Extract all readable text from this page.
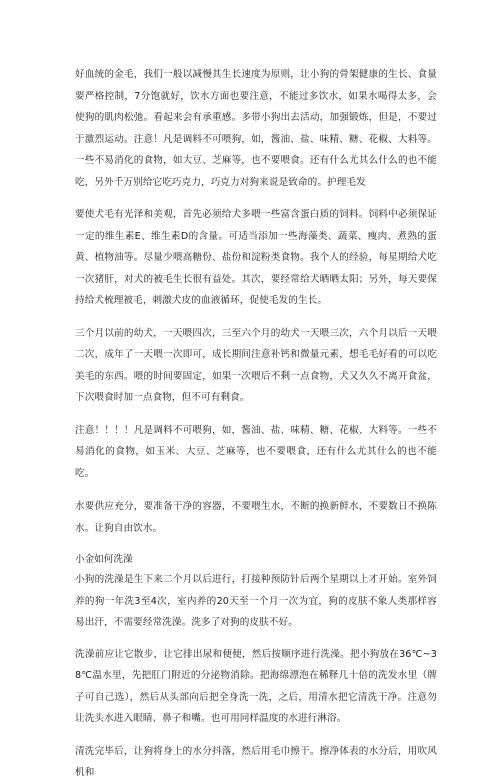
好血统的金毛，我们一般以减慢其生长速度为原则，让小狗的骨架健康的生长、食量要严格控制，7分饱就好，饮水方面也要注意，不能过多饮水，如果水喝得太多，会使狗的肌肉松弛。看起来会有承重感。多带小狗出去活动，加强锻炼，但是，不要过于激烈运动。注意！凡是调料不可喂狗，如，酱油、盐、味精、糖、花椒、大料等。一些不易消化的食物，如大豆、芝麻等，也不要喂食。还有什么尤其么什么的也不能吃，另外千万别给它吃巧克力，巧克力对狗来说是致命的。护理毛发

要使犬毛有光泽和美观，首先必须给犬多喂一些富含蛋白质的饲料。饲料中必须保证一定的维生素E、维生素D的含量。可适当添加一些海藻类、蔬菜、瘦肉、煮熟的蛋黄、植物油等。尽量少喂高糖份、盐份和淀粉类食物。我个人的经验，每星期给犬吃一次猪肝，对犬的被毛生长很有益处。其次，要经常给犬晒晒太阳；另外，每天要保持给犬梳理被毛，刺激犬皮的血液循环，促使毛发的生长。

三个月以前的幼犬，一天喂四次，三至六个月的幼犬一天喂三次，六个月以后一天喂二次，成年了一天喂一次即可，成长期间注意补钙和微量元素，想毛毛好看的可以吃美毛的东西。喂的时间要固定，如果一次喂后不剩一点食物，犬又久久不离开食盆，下次喂食时加一点食物，但不可有剩食。

注意！！！！凡是调料不可喂狗，如，酱油、盐、味精、糖、花椒、大料等。一些不易消化的食物，如玉米、大豆、芝麻等，也不要喂食，还有什么尤其什么的也不能吃。

水要供应充分，要准备干净的容器，不要喂生水，不断的换新鲜水，不要数日不换陈水。让狗自由饮水。

小金如何洗澡

小狗的洗澡是生下来二个月以后进行，打接种预防针后两个星期以上才开始。室外饲养的狗一年洗3至4次，室内养的20天至一个月一次为宜，狗的皮肤不象人类那样容易出汗，不需要经常洗澡。洗多了对狗的皮肤不好。

洗澡前应让它散步，让它排出尿和便便，然后按顺序进行洗澡。把小狗放在36℃~38℃温水里，先把肛门附近的分泌物消除。把海绵漂泡在稀释几十倍的洗发水里（牌子可自己选），然后从头部向后把全身洗一洗，之后，用清水把它清洗干净。注意勿让洗头水进入眼睛、鼻子和嘴。也可用同样温度的水进行淋浴。

清洗完毕后，让狗将身上的水分抖落，然后用毛巾擦干。擦净体表的水分后，用吹风机和
